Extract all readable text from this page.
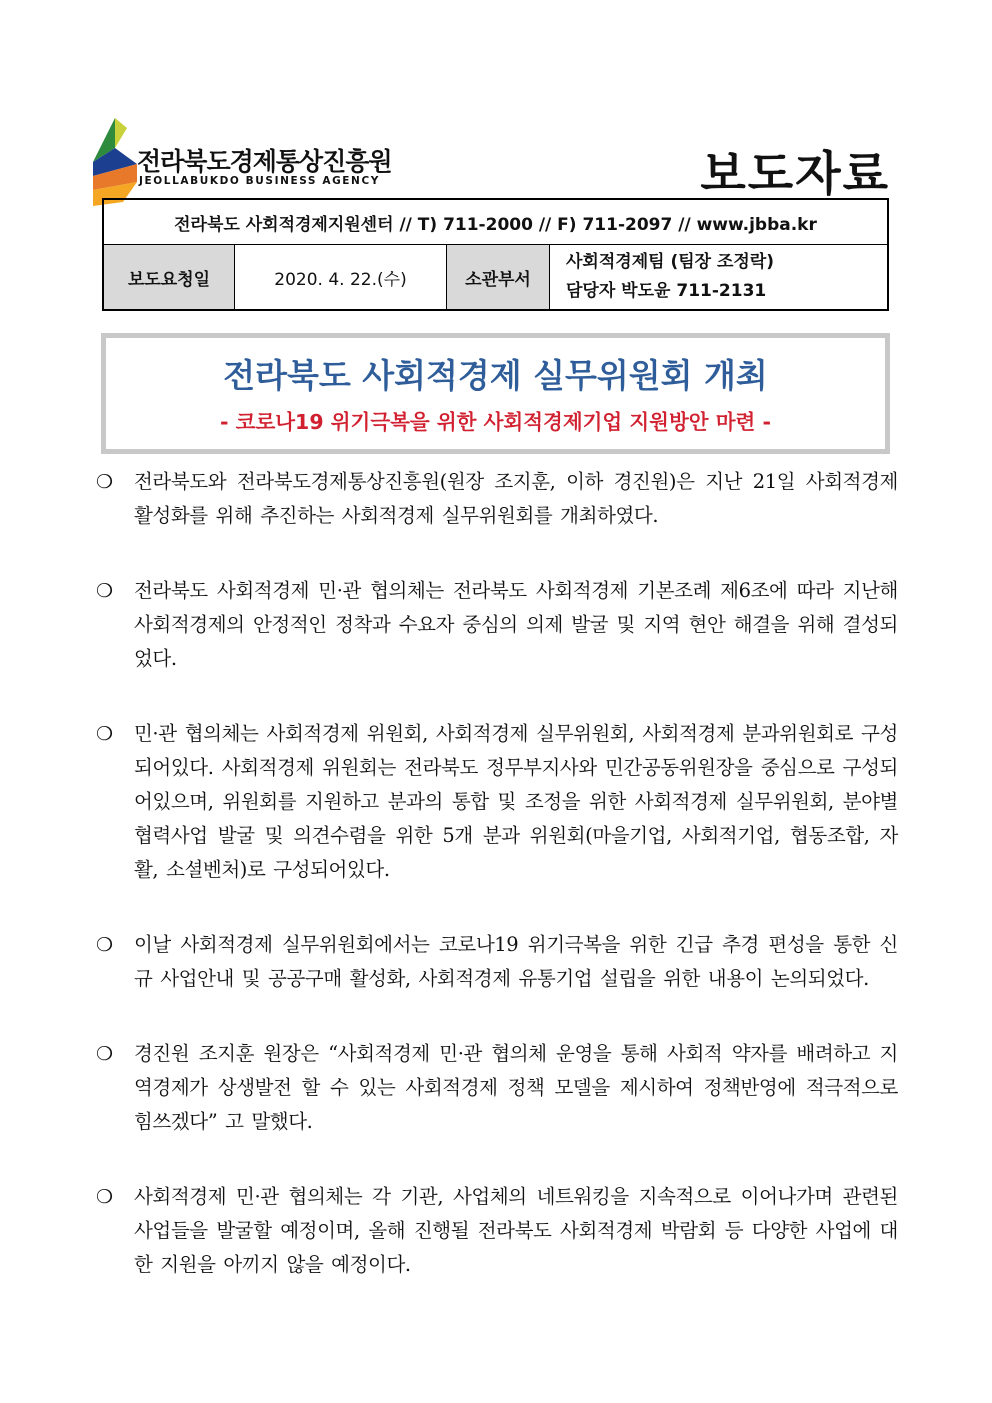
전라북도경제통상진흥원
JEOLLABUKDO BUSINESS AGENCY	보도자료
전라북도 사회적경제지원센터 // T) 711-2000 // F) 711-2097 // www.jbba.kr
보도요청일	2020. 4. 22.(수)	소관부서
사회적경제팀 (팀장 조정락)
담당자 박도윤 711-2131
전라북도 사회적경제 실무위원회 개최
- 코로나19 위기극복을 위한 사회적경제기업 지원방안 마련 -
❍	전라북도와 전라북도경제통상진흥원(원장 조지훈, 이하 경진원)은 지난 21일 사회적경제 활성화를 위해 추진하는 사회적경제 실무위원회를 개최하였다.
❍	전라북도 사회적경제 민·관 협의체는 전라북도 사회적경제 기본조례 제6조에 따라 지난해 사회적경제의 안정적인 정착과 수요자 중심의 의제 발굴 및 지역 현안 해결을 위해 결성되었다.
❍	민·관 협의체는 사회적경제 위원회, 사회적경제 실무위원회, 사회적경제 분과위원회로 구성되어있다. 사회적경제 위원회는 전라북도 정무부지사와 민간공동위원장을 중심으로 구성되어있으며, 위원회를 지원하고 분과의 통합 및 조정을 위한 사회적경제 실무위원회, 분야별 협력사업 발굴 및 의견수렴을 위한 5개 분과 위원회(마을기업, 사회적기업, 협동조합, 자활, 소셜벤처)로 구성되어있다.
❍	이날 사회적경제 실무위원회에서는 코로나19 위기극복을 위한 긴급 추경 편성을 통한 신규 사업안내 및 공공구매 활성화, 사회적경제 유통기업 설립을 위한 내용이 논의되었다.
❍	경진원 조지훈 원장은 “사회적경제 민·관 협의체 운영을 통해 사회적 약자를 배려하고 지역경제가 상생발전 할 수 있는 사회적경제 정책 모델을 제시하여 정책반영에 적극적으로 힘쓰겠다” 고 말했다.
❍	사회적경제 민·관 협의체는 각 기관, 사업체의 네트워킹을 지속적으로 이어나가며 관련된 사업들을 발굴할 예정이며, 올해 진행될 전라북도 사회적경제 박람회 등 다양한 사업에 대한 지원을 아끼지 않을 예정이다.
